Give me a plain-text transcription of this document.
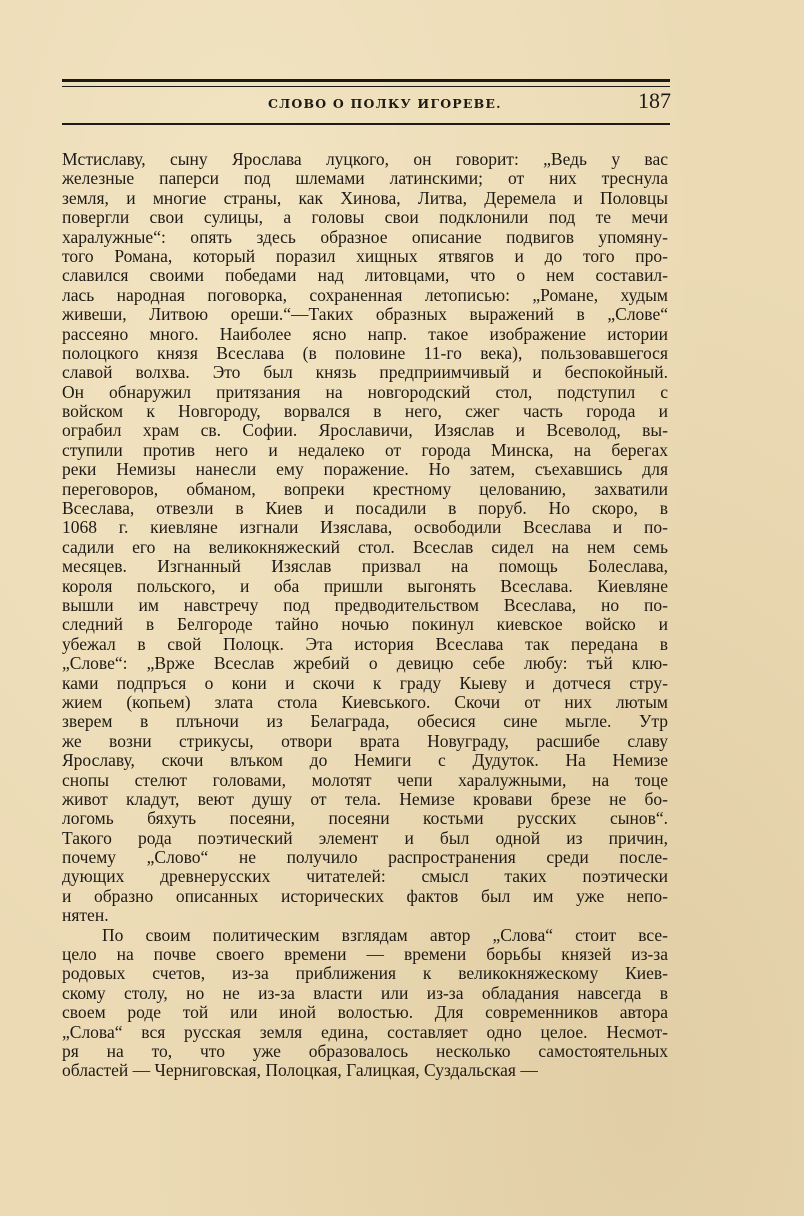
СЛОВО О ПОЛКУ ИГОРЕВЕ.	187
Мстиславу, сыну Ярослава луцкого, он говорит: „Ведь у вас
железные паперси под шлемами латинскими; от них треснула
земля, и многие страны, как Хинова, Литва, Деремела и Половцы
повергли свои сулицы, а головы свои подклонили под те мечи
харалужные“: опять здесь образное описание подвигов упомяну-
того Романа, который поразил хищных ятвягов и до того про-
славился своими победами над литовцами, что о нем составил-
лась народная поговорка, сохраненная летописью: „Романе, худым
живеши, Литвою ореши.“—Таких образных выражений в „Слове“
рассеяно много. Наиболее ясно напр. такое изображение истории
полоцкого князя Всеслава (в половине 11-го века), пользовавшегося
славой волхва. Это был князь предприимчивый и беспокойный.
Он обнаружил притязания на новгородский стол, подступил с
войском к Новгороду, ворвался в него, сжег часть города и
ограбил храм св. Софии. Ярославичи, Изяслав и Всеволод, вы-
ступили против него и недалеко от города Минска, на берегах
реки Немизы нанесли ему поражение. Но затем, съехавшись для
переговоров, обманом, вопреки крестному целованию, захватили
Всеслава, отвезли в Киев и посадили в поруб. Но скоро, в
1068 г. киевляне изгнали Изяслава, освободили Всеслава и по-
садили его на великокняжеский стол. Всеслав сидел на нем семь
месяцев. Изгнанный Изяслав призвал на помощь Болеслава,
короля польского, и оба пришли выгонять Всеслава. Киевляне
вышли им навстречу под предводительством Всеслава, но по-
следний в Белгороде тайно ночью покинул киевское войско и
убежал в свой Полоцк. Эта история Всеслава так передана в
„Слове“: „Вржe Всеслав жребий о девицю себе любу: тъй клю-
ками подпръся о кони и скочи к граду Кыеву и дотчеся стру-
жием (копьем) злата стола Киевського. Скочи от них лютым
зверем в плъночи из Белаграда, обесися сине мьгле. Утр
же возни стрикусы, отвори врата Новуграду, расшибе славу
Ярославу, скочи влъком до Немиги с Дудуток. На Немизе
снопы стелют головами, молотят чепи харалужными, на тоце
живот кладут, веют душу от тела. Немизе кровави брезе не бо-
логомь бяхуть посеяни, посеяни костьми русских сынов“.
Такого рода поэтический элемент и был одной из причин,
почему „Слово“ не получило распространения среди после-
дующих древнерусских читателей: смысл таких поэтически
и образно описанных исторических фактов был им уже непо-
нятен.
По своим политическим взглядам автор „Слова“ стоит все-
цело на почве своего времени — времени борьбы князей из-за
родовых счетов, из-за приближения к великокняжескому Киев-
скому столу, но не из-за власти или из-за обладания навсегда в
своем роде той или иной волостью. Для современников автора
„Слова“ вся русская земля едина, составляет одно целое. Несмот-
ря на то, что уже образовалось несколько самостоятельных
областей — Черниговская, Полоцкая, Галицкая, Суздальская —
